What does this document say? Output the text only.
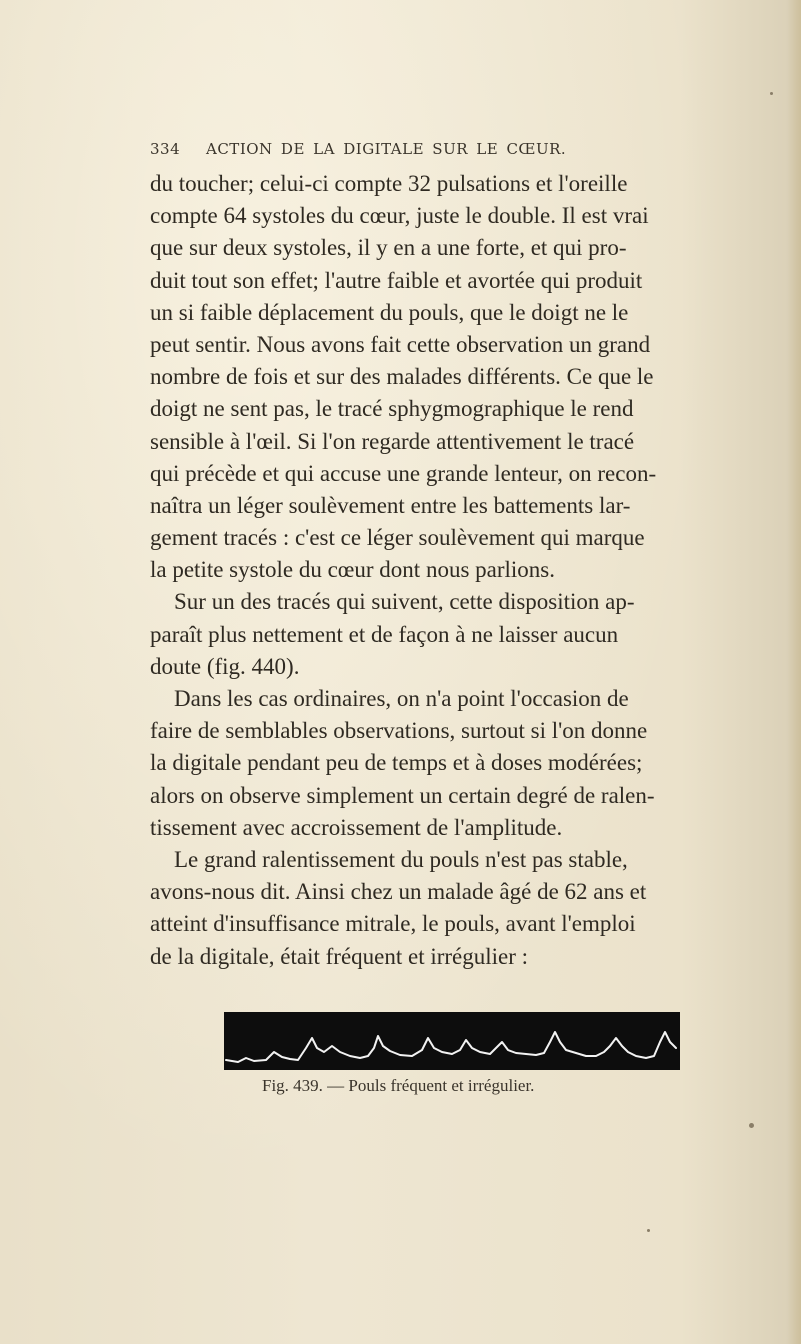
334 ACTION DE LA DIGITALE SUR LE CŒUR.
du toucher; celui-ci compte 32 pulsations et l'oreille
compte 64 systoles du cœur, juste le double. Il est vrai
que sur deux systoles, il y en a une forte, et qui pro-
duit tout son effet; l'autre faible et avortée qui produit
un si faible déplacement du pouls, que le doigt ne le
peut sentir. Nous avons fait cette observation un grand
nombre de fois et sur des malades différents. Ce que le
doigt ne sent pas, le tracé sphygmographique le rend
sensible à l'œil. Si l'on regarde attentivement le tracé
qui précède et qui accuse une grande lenteur, on recon-
naîtra un léger soulèvement entre les battements lar-
gement tracés : c'est ce léger soulèvement qui marque
la petite systole du cœur dont nous parlions.
Sur un des tracés qui suivent, cette disposition ap-
paraît plus nettement et de façon à ne laisser aucun
doute (fig. 440).
Dans les cas ordinaires, on n'a point l'occasion de
faire de semblables observations, surtout si l'on donne
la digitale pendant peu de temps et à doses modérées;
alors on observe simplement un certain degré de ralen-
tissement avec accroissement de l'amplitude.
Le grand ralentissement du pouls n'est pas stable,
avons-nous dit. Ainsi chez un malade âgé de 62 ans et
atteint d'insuffisance mitrale, le pouls, avant l'emploi
de la digitale, était fréquent et irrégulier :
Fig. 439. — Pouls fréquent et irrégulier.
